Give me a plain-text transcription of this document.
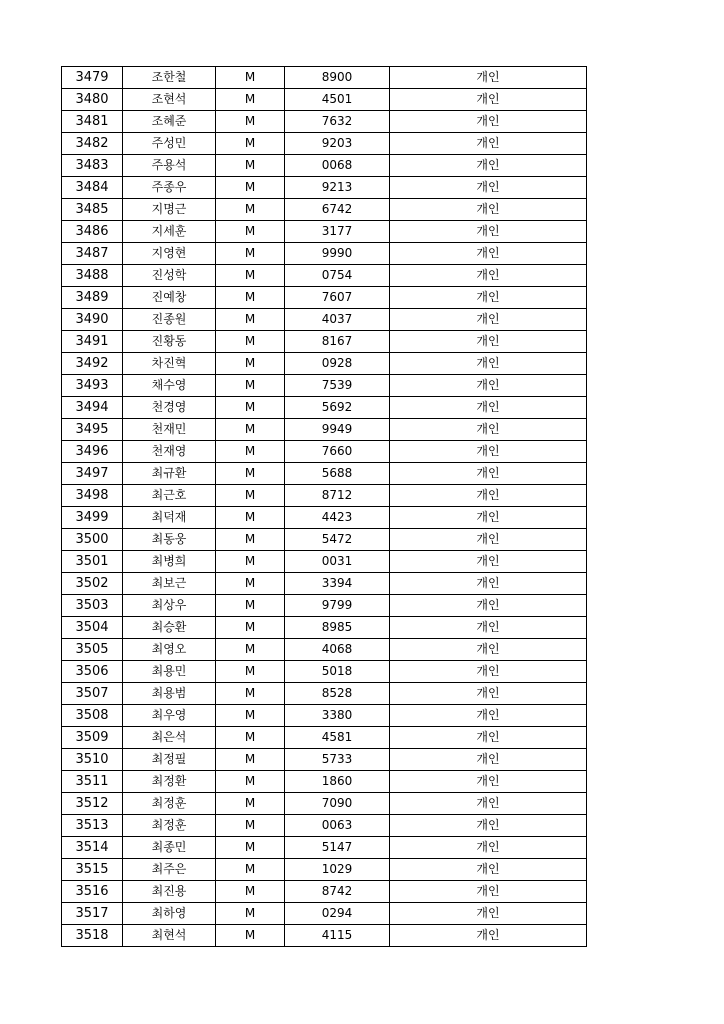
3479	조한철	M	8900	개인
3480	조현석	M	4501	개인
3481	조혜준	M	7632	개인
3482	주성민	M	9203	개인
3483	주용석	M	0068	개인
3484	주종우	M	9213	개인
3485	지명근	M	6742	개인
3486	지세훈	M	3177	개인
3487	지영현	M	9990	개인
3488	진성학	M	0754	개인
3489	진예창	M	7607	개인
3490	진종원	M	4037	개인
3491	진황동	M	8167	개인
3492	차진혁	M	0928	개인
3493	채수영	M	7539	개인
3494	천경영	M	5692	개인
3495	천재민	M	9949	개인
3496	천재영	M	7660	개인
3497	최규환	M	5688	개인
3498	최근호	M	8712	개인
3499	최덕재	M	4423	개인
3500	최동웅	M	5472	개인
3501	최병희	M	0031	개인
3502	최보근	M	3394	개인
3503	최상우	M	9799	개인
3504	최승환	M	8985	개인
3505	최영오	M	4068	개인
3506	최용민	M	5018	개인
3507	최용범	M	8528	개인
3508	최우영	M	3380	개인
3509	최은석	M	4581	개인
3510	최정필	M	5733	개인
3511	최정환	M	1860	개인
3512	최정훈	M	7090	개인
3513	최정훈	M	0063	개인
3514	최종민	M	5147	개인
3515	최주은	M	1029	개인
3516	최진용	M	8742	개인
3517	최하영	M	0294	개인
3518	최현석	M	4115	개인
